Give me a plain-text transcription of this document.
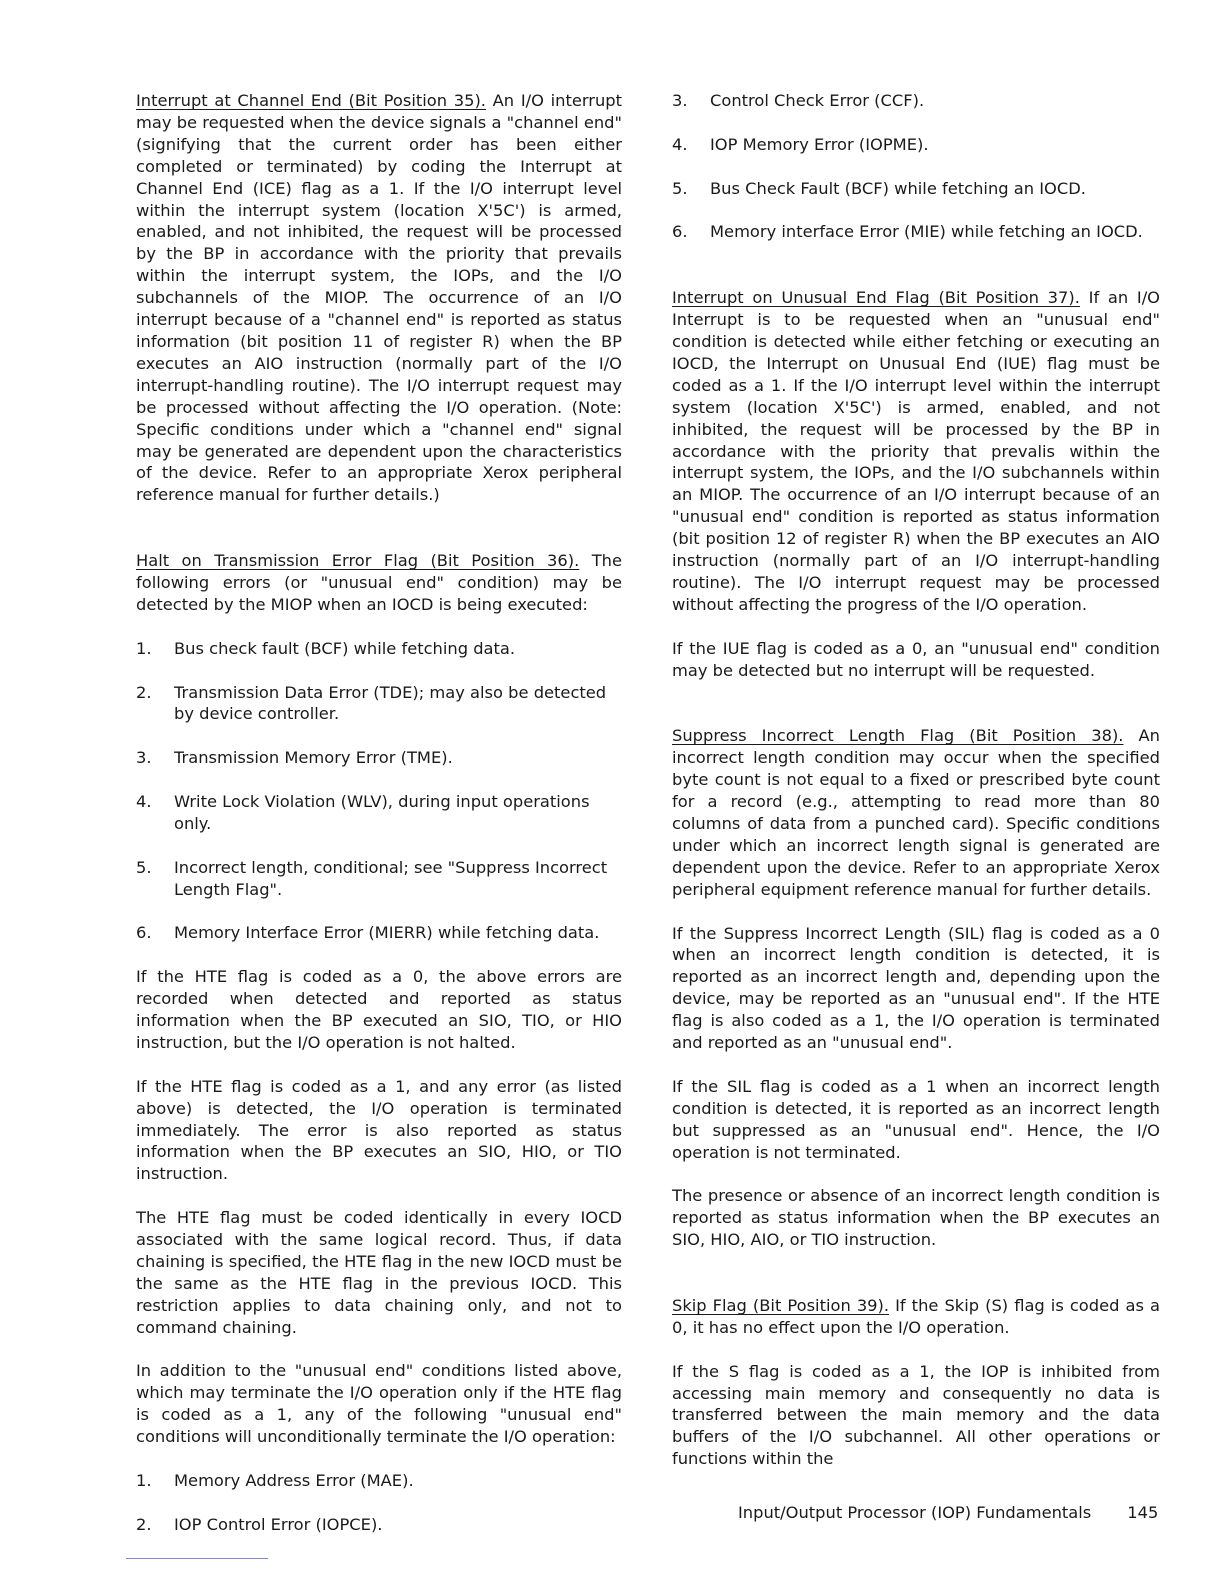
Interrupt at Channel End (Bit Position 35). An I/O interrupt may be requested when the device signals a "channel end" (signifying that the current order has been either completed or terminated) by coding the Interrupt at Channel End (ICE) flag as a 1. If the I/O interrupt level within the interrupt system (location X'5C') is armed, enabled, and not inhibited, the request will be processed by the BP in accordance with the priority that prevails within the interrupt system, the IOPs, and the I/O subchannels of the MIOP. The occurrence of an I/O interrupt because of a "channel end" is reported as status information (bit position 11 of register R) when the BP executes an AIO instruction (normally part of the I/O interrupt-handling routine). The I/O interrupt request may be processed without affecting the I/O operation. (Note: Specific conditions under which a "channel end" signal may be generated are dependent upon the characteristics of the device. Refer to an appropriate Xerox peripheral reference manual for further details.)

Halt on Transmission Error Flag (Bit Position 36). The following errors (or "unusual end" condition) may be detected by the MIOP when an IOCD is being executed:

1.	Bus check fault (BCF) while fetching data.
2.	Transmission Data Error (TDE); may also be detected by device controller.
3.	Transmission Memory Error (TME).
4.	Write Lock Violation (WLV), during input operations only.
5.	Incorrect length, conditional; see "Suppress Incorrect Length Flag".
6.	Memory Interface Error (MIERR) while fetching data.

If the HTE flag is coded as a 0, the above errors are recorded when detected and reported as status information when the BP executed an SIO, TIO, or HIO instruction, but the I/O operation is not halted.

If the HTE flag is coded as a 1, and any error (as listed above) is detected, the I/O operation is terminated immediately. The error is also reported as status information when the BP executes an SIO, HIO, or TIO instruction.

The HTE flag must be coded identically in every IOCD associated with the same logical record. Thus, if data chaining is specified, the HTE flag in the new IOCD must be the same as the HTE flag in the previous IOCD. This restriction applies to data chaining only, and not to command chaining.

In addition to the "unusual end" conditions listed above, which may terminate the I/O operation only if the HTE flag is coded as a 1, any of the following "unusual end" conditions will unconditionally terminate the I/O operation:

1.	Memory Address Error (MAE).
2.	IOP Control Error (IOPCE).
3.	Control Check Error (CCF).
4.	IOP Memory Error (IOPME).
5.	Bus Check Fault (BCF) while fetching an IOCD.
6.	Memory interface Error (MIE) while fetching an IOCD.

Interrupt on Unusual End Flag (Bit Position 37). If an I/O Interrupt is to be requested when an "unusual end" condition is detected while either fetching or executing an IOCD, the Interrupt on Unusual End (IUE) flag must be coded as a 1. If the I/O interrupt level within the interrupt system (location X'5C') is armed, enabled, and not inhibited, the request will be processed by the BP in accordance with the priority that prevalis within the interrupt system, the IOPs, and the I/O subchannels within an MIOP. The occurrence of an I/O interrupt because of an "unusual end" condition is reported as status information (bit position 12 of register R) when the BP executes an AIO instruction (normally part of an I/O interrupt-handling routine). The I/O interrupt request may be processed without affecting the progress of the I/O operation.

If the IUE flag is coded as a 0, an "unusual end" condition may be detected but no interrupt will be requested.

Suppress Incorrect Length Flag (Bit Position 38). An incorrect length condition may occur when the specified byte count is not equal to a fixed or prescribed byte count for a record (e.g., attempting to read more than 80 columns of data from a punched card). Specific conditions under which an incorrect length signal is generated are dependent upon the device. Refer to an appropriate Xerox peripheral equipment reference manual for further details.

If the Suppress Incorrect Length (SIL) flag is coded as a 0 when an incorrect length condition is detected, it is reported as an incorrect length and, depending upon the device, may be reported as an "unusual end". If the HTE flag is also coded as a 1, the I/O operation is terminated and reported as an "unusual end".

If the SIL flag is coded as a 1 when an incorrect length condition is detected, it is reported as an incorrect length but suppressed as an "unusual end". Hence, the I/O operation is not terminated.

The presence or absence of an incorrect length condition is reported as status information when the BP executes an SIO, HIO, AIO, or TIO instruction.

Skip Flag (Bit Position 39). If the Skip (S) flag is coded as a 0, it has no effect upon the I/O operation.

If the S flag is coded as a 1, the IOP is inhibited from accessing main memory and consequently no data is transferred between the main memory and the data buffers of the I/O subchannel. All other operations or functions within the

Input/Output Processor (IOP) Fundamentals 145
